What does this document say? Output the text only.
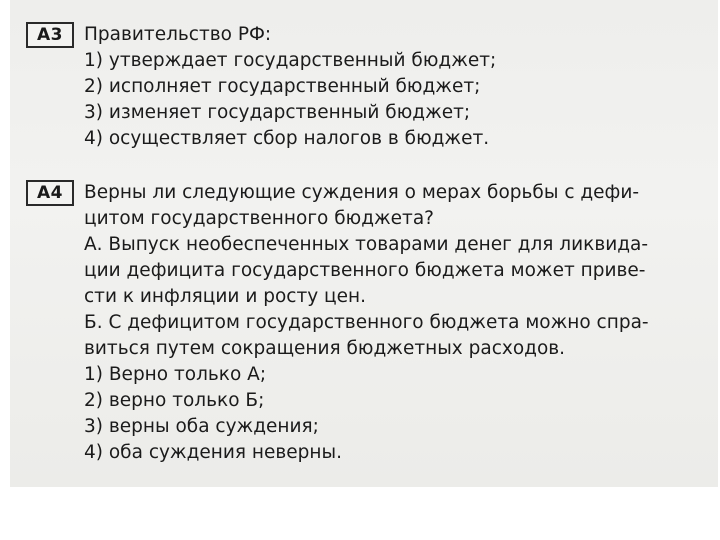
A3	Правительство РФ:
1) утверждает государственный бюджет;
2) исполняет государственный бюджет;
3) изменяет государственный бюджет;
4) осуществляет сбор налогов в бюджет.
A4	Верны ли следующие суждения о мерах борьбы с дефи-
цитом государственного бюджета?
А. Выпуск необеспеченных товарами денег для ликвида-
ции дефицита государственного бюджета может приве-
сти к инфляции и росту цен.
Б. С дефицитом государственного бюджета можно спра-
виться путем сокращения бюджетных расходов.
1) Верно только А;
2) верно только Б;
3) верны оба суждения;
4) оба суждения неверны.
